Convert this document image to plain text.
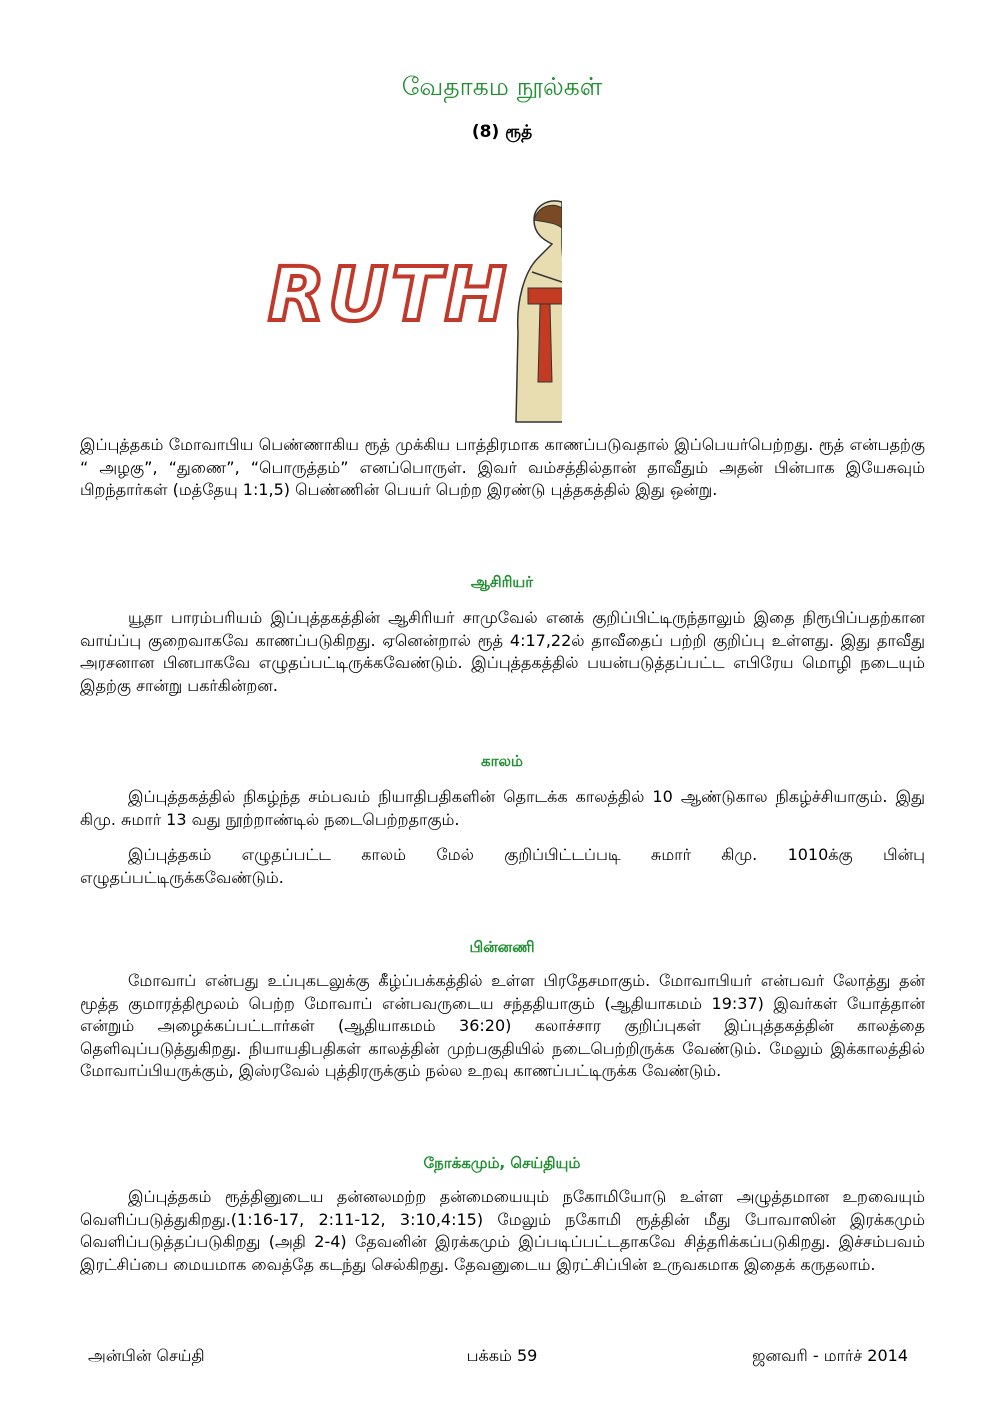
வேதாகம நூல்கள்
(8) ரூத்
RUTH

இப்புத்தகம் மோவாபிய பெண்ணாகிய ரூத் முக்கிய பாத்திரமாக காணப்படுவதால் இப்பெயர்பெற்றது. ரூத் என்பதற்கு “ அழகு”, “துணை”, “பொருத்தம்” எனப்பொருள். இவர் வம்சத்தில்தான் தாவீதும் அதன் பின்பாக இயேசுவும் பிறந்தார்கள் (மத்தேயு 1:1,5) பெண்ணின் பெயர் பெற்ற இரண்டு புத்தகத்தில் இது ஒன்று.

ஆசிரியர்

யூதா பாரம்பரியம் இப்புத்தகத்தின் ஆசிரியர் சாமுவேல் எனக் குறிப்பிட்டிருந்தாலும் இதை நிரூபிப்பதற்கான வாய்ப்பு குறைவாகவே காணப்படுகிறது. ஏனென்றால் ரூத் 4:17,22ல் தாவீதைப் பற்றி குறிப்பு உள்ளது. இது தாவீது அரசனான பினபாகவே எழுதப்பட்டிருக்கவேண்டும். இப்புத்தகத்தில் பயன்படுத்தப்பட்ட எபிரேய மொழி நடையும் இதற்கு சான்று பகர்கின்றன.

காலம்

இப்புத்தகத்தில் நிகழ்ந்த சம்பவம் நியாதிபதிகளின் தொடக்க காலத்தில் 10 ஆண்டுகால நிகழ்ச்சியாகும். இது கிமு. சுமார் 13 வது நூற்றாண்டில் நடைபெற்றதாகும்.

இப்புத்தகம் எழுதப்பட்ட காலம் மேல் குறிப்பிட்டப்படி சுமார் கிமு. 1010க்கு பின்பு எழுதப்பட்டிருக்கவேண்டும்.

பின்னணி

மோவாப் என்பது உப்புகடலுக்கு கீழ்ப்பக்கத்தில் உள்ள பிரதேசமாகும். மோவாபியர் என்பவர் லோத்து தன் மூத்த குமாரத்திமூலம் பெற்ற மோவாப் என்பவருடைய சந்ததியாகும் (ஆதியாகமம் 19:37) இவர்கள் யோத்தான் என்றும் அழைக்கப்பட்டார்கள் (ஆதியாகமம் 36:20) கலாச்சார குறிப்புகள் இப்புத்தகத்தின் காலத்தை தெளிவுப்படுத்துகிறது. நியாயதிபதிகள் காலத்தின் முற்பகுதியில் நடைபெற்றிருக்க வேண்டும். மேலும் இக்காலத்தில் மோவாப்பியருக்கும், இஸ்ரவேல் புத்திரருக்கும் நல்ல உறவு காணப்பட்டிருக்க வேண்டும்.

நோக்கமும், செய்தியும்

இப்புத்தகம் ரூத்தினுடைய தன்னலமற்ற தன்மையையும் நகோமியோடு உள்ள அழுத்தமான உறவையும் வெளிப்படுத்துகிறது.(1:16-17, 2:11-12, 3:10,4:15) மேலும் நகோமி ரூத்தின் மீது போவாஸின் இரக்கமும் வெளிப்படுத்தப்படுகிறது (அதி 2-4) தேவனின் இரக்கமும் இப்படிப்பட்டதாகவே சித்தரிக்கப்படுகிறது. இச்சம்பவம் இரட்சிப்பை மையமாக வைத்தே கடந்து செல்கிறது. தேவனுடைய இரட்சிப்பின் உருவகமாக இதைக் கருதலாம்.

அன்பின் செய்தி	பக்கம் 59	ஜனவரி - மார்ச் 2014
